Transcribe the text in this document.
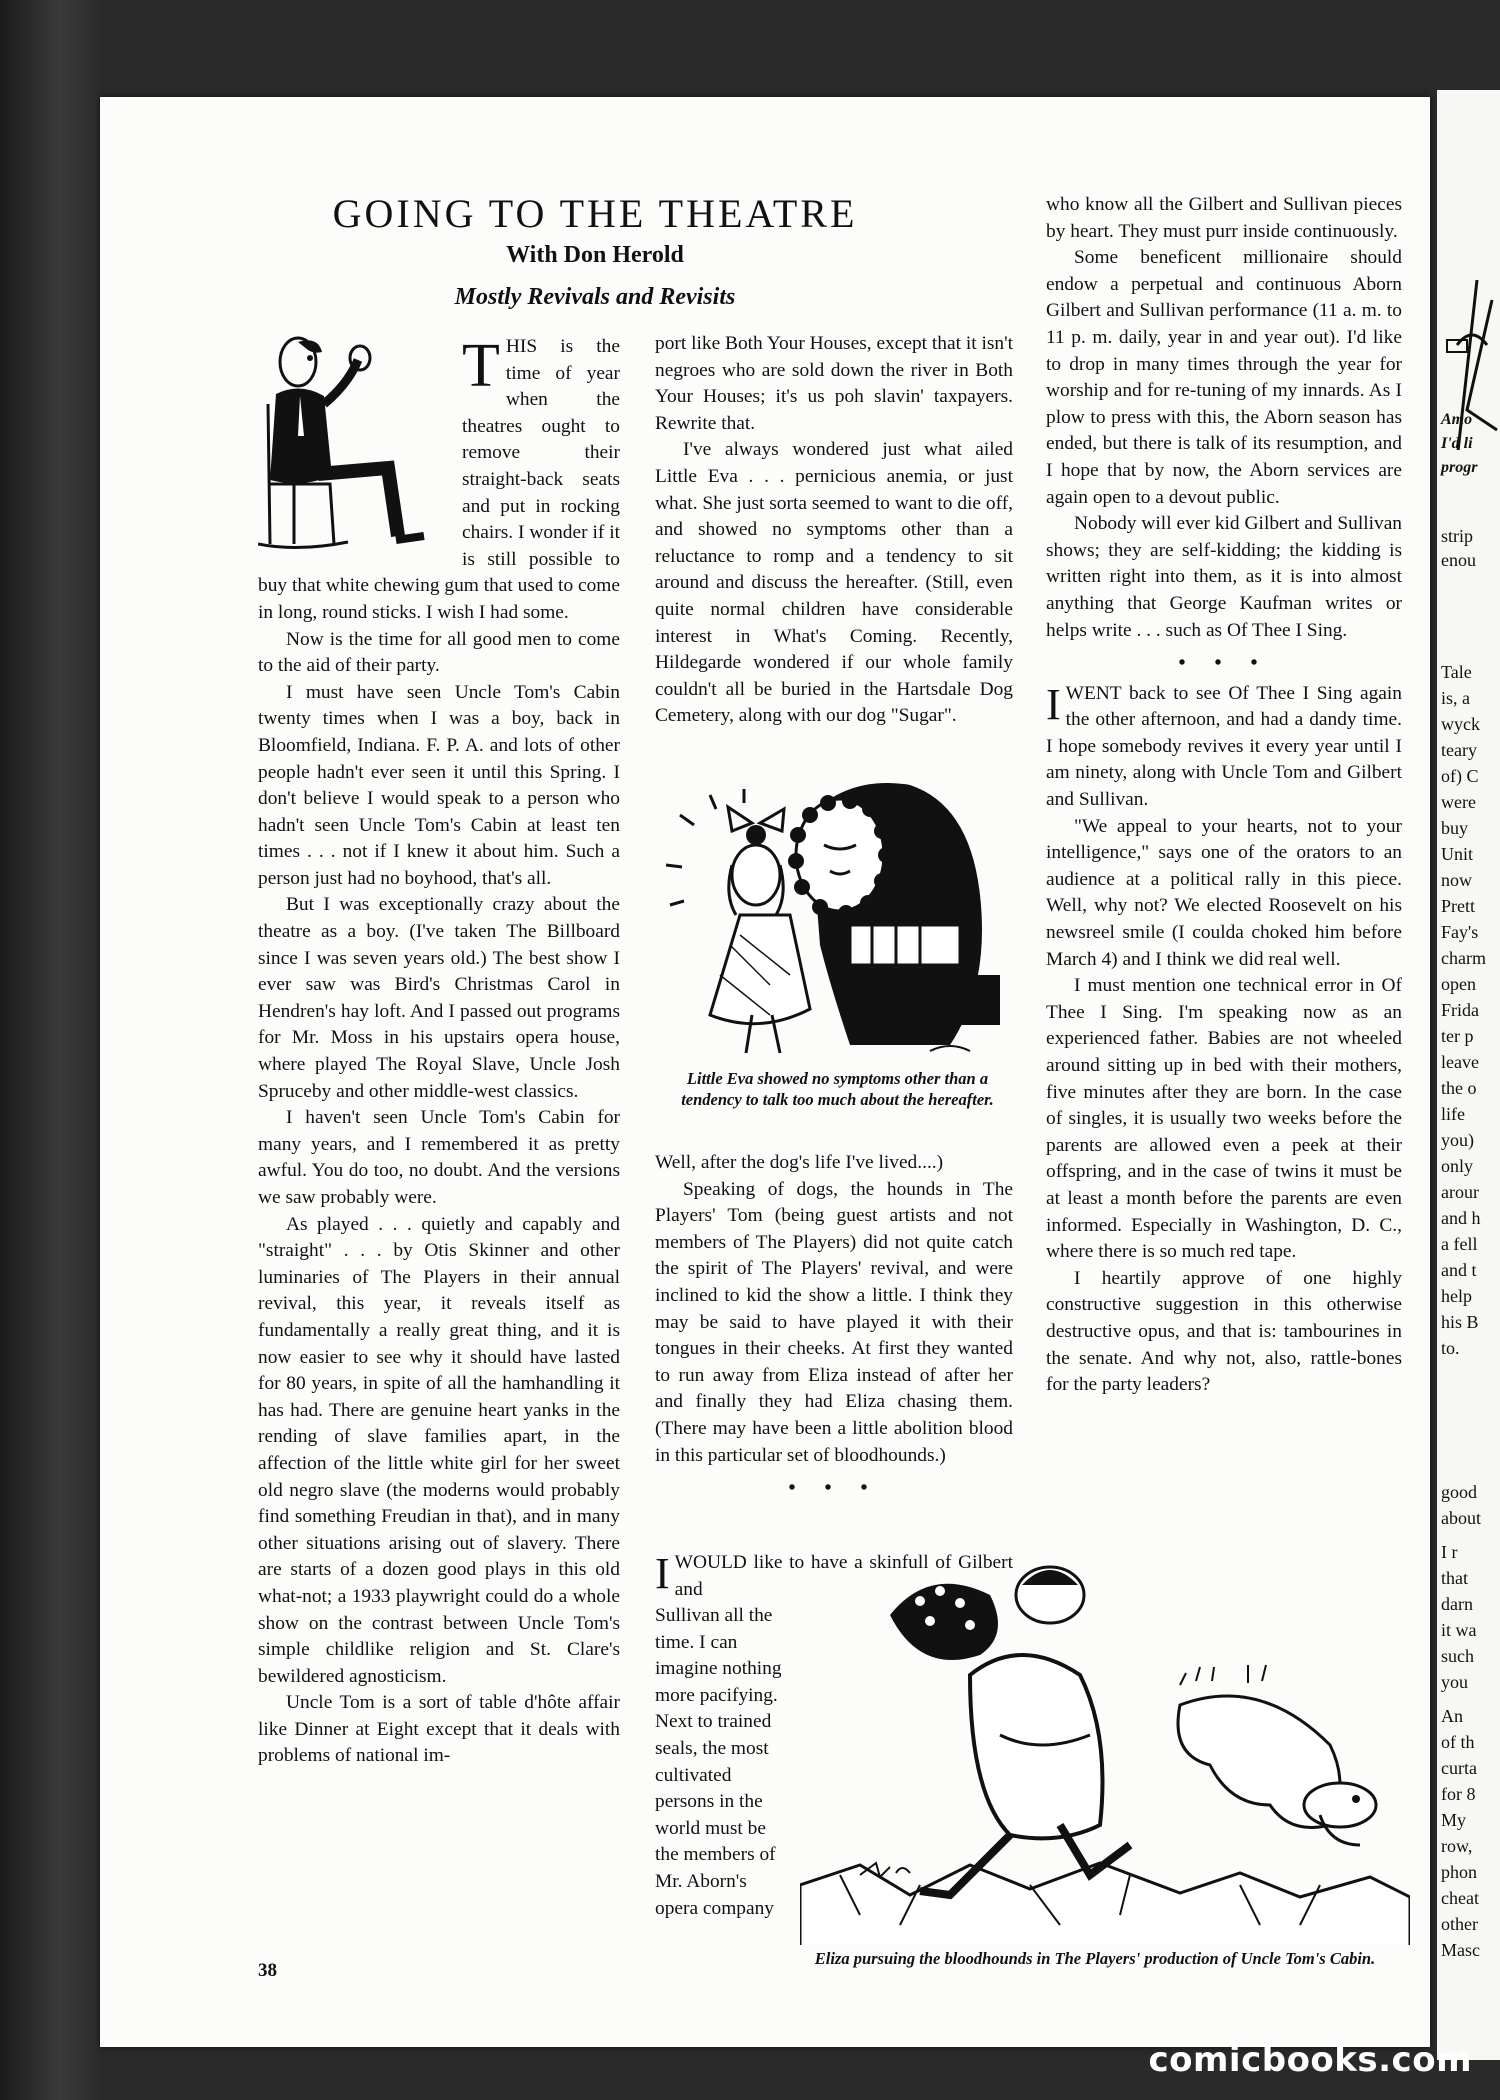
Amo
I'd li
progr
strip
enou
Tale
is, a
wyck
teary
of) C
were
buy
Unit
now
Prett
Fay's
charm
open
Frida
ter p
leave
the o
life
you)
only
arour
and h
a fell
and t
help
his B
to.
good
about
I r
that
darn
it wa
such
you
An
of th
curta
for 8
My
row,
phon
cheat
other
Masc
GOING TO THE THEATRE
With Don Herold
Mostly Revivals and Revisits
T HIS is the time of year when the theatres ought to remove their straight-back seats and put in rocking chairs. I wonder if it is still possible to buy that white chewing gum that used to come in long, round sticks. I wish I had some.

Now is the time for all good men to come to the aid of their party.

I must have seen Uncle Tom's Cabin twenty times when I was a boy, back in Bloomfield, Indiana. F. P. A. and lots of other people hadn't ever seen it until this Spring. I don't believe I would speak to a person who hadn't seen Uncle Tom's Cabin at least ten times . . . not if I knew it about him. Such a person just had no boyhood, that's all.

But I was exceptionally crazy about the theatre as a boy. (I've taken The Billboard since I was seven years old.) The best show I ever saw was Bird's Christmas Carol in Hendren's hay loft. And I passed out programs for Mr. Moss in his upstairs opera house, where played The Royal Slave, Uncle Josh Spruceby and other middle-west classics.

I haven't seen Uncle Tom's Cabin for many years, and I remembered it as pretty awful. You do too, no doubt. And the versions we saw probably were.

As played . . . quietly and capably and "straight" . . . by Otis Skinner and other luminaries of The Players in their annual revival, this year, it reveals itself as fundamentally a really great thing, and it is now easier to see why it should have lasted for 80 years, in spite of all the hamhandling it has had. There are genuine heart yanks in the rending of slave families apart, in the affection of the little white girl for her sweet old negro slave (the moderns would probably find something Freudian in that), and in many other situations arising out of slavery. There are starts of a dozen good plays in this old what-not; a 1933 playwright could do a whole show on the contrast between Uncle Tom's simple childlike religion and St. Clare's bewildered agnosticism.

Uncle Tom is a sort of table d'hôte affair like Dinner at Eight except that it deals with problems of national im-

port like Both Your Houses, except that it isn't negroes who are sold down the river in Both Your Houses; it's us poh slavin' taxpayers. Rewrite that.

I've always wondered just what ailed Little Eva . . . pernicious anemia, or just what. She just sorta seemed to want to die off, and showed no symptoms other than a reluctance to romp and a tendency to sit around and discuss the hereafter. (Still, even quite normal children have considerable interest in What's Coming. Recently, Hildegarde wondered if our whole family couldn't all be buried in the Hartsdale Dog Cemetery, along with our dog "Sugar".

Little Eva showed no symptoms other than a tendency to talk too much about the hereafter.

Well, after the dog's life I've lived....)

Speaking of dogs, the hounds in The Players' Tom (being guest artists and not members of The Players) did not quite catch the spirit of The Players' revival, and were inclined to kid the show a little. I think they may be said to have played it with their tongues in their cheeks. At first they wanted to run away from Eliza instead of after her and finally they had Eliza chasing them. (There may have been a little abolition blood in this particular set of bloodhounds.)

• • •
I WOULD like to have a skinfull of Gilbert and

Sullivan all the time. I can imagine nothing more pacifying. Next to trained seals, the most cultivated persons in the world must be the members of Mr. Aborn's opera company

who know all the Gilbert and Sullivan pieces by heart. They must purr inside continuously.

Some beneficent millionaire should endow a perpetual and continuous Aborn Gilbert and Sullivan performance (11 a. m. to 11 p. m. daily, year in and year out). I'd like to drop in many times through the year for worship and for re-tuning of my innards. As I plow to press with this, the Aborn season has ended, but there is talk of its resumption, and I hope that by now, the Aborn services are again open to a devout public.

Nobody will ever kid Gilbert and Sullivan shows; they are self-kidding; the kidding is written right into them, as it is into almost anything that George Kaufman writes or helps write . . . such as Of Thee I Sing.

• • •
I WENT back to see Of Thee I Sing again the other afternoon, and had a dandy time. I hope somebody revives it every year until I am ninety, along with Uncle Tom and Gilbert and Sullivan.

"We appeal to your hearts, not to your intelligence," says one of the orators to an audience at a political rally in this piece. Well, why not? We elected Roosevelt on his newsreel smile (I coulda choked him before March 4) and I think we did real well.

I must mention one technical error in Of Thee I Sing. I'm speaking now as an experienced father. Babies are not wheeled around sitting up in bed with their mothers, five minutes after they are born. In the case of singles, it is usually two weeks before the parents are allowed even a peek at their offspring, and in the case of twins it must be at least a month before the parents are even informed. Especially in Washington, D. C., where there is so much red tape.

I heartily approve of one highly constructive suggestion in this otherwise destructive opus, and that is: tambourines in the senate. And why not, also, rattle-bones for the party leaders?

Eliza pursuing the bloodhounds in The Players' production of Uncle Tom's Cabin.
38
comicbooks.com
